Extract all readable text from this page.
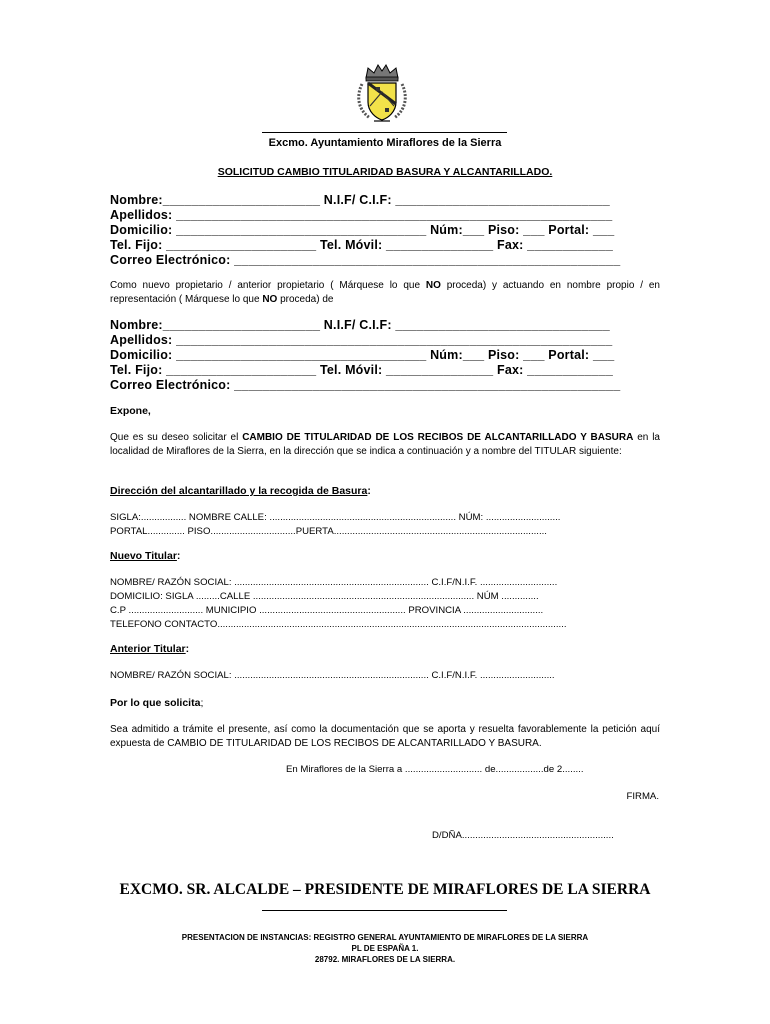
Excmo. Ayuntamiento Miraflores de la Sierra
SOLICITUD CAMBIO TITULARIDAD BASURA Y ALCANTARILLADO.
Nombre:______________________ N.I.F/ C.I.F: ______________________________
Apellidos: _____________________________________________________________
Domicilio: ___________________________________ Núm:___ Piso: ___ Portal: ___
Tel. Fijo: _____________________ Tel. Móvil: _______________ Fax: ____________
Correo Electrónico: ______________________________________________________
Como nuevo propietario / anterior propietario ( Márquese lo que NO proceda) y actuando en nombre propio / en representación ( Márquese lo que NO proceda) de
Nombre:______________________ N.I.F/ C.I.F: ______________________________
Apellidos: _____________________________________________________________
Domicilio: ___________________________________ Núm:___ Piso: ___ Portal: ___
Tel. Fijo: _____________________ Tel. Móvil: _______________ Fax: ____________
Correo Electrónico: ______________________________________________________
Expone,
Que es su deseo solicitar el CAMBIO DE TITULARIDAD DE LOS RECIBOS DE ALCANTARILLADO Y BASURA en la localidad de Miraflores de la Sierra, en la dirección que se indica a continuación y a nombre del TITULAR siguiente:
Dirección del alcantarillado y la recogida de Basura:
SIGLA:................. NOMBRE CALLE: ...................................................................... NÚM: ............................
PORTAL.............. PISO................................PUERTA................................................................................
Nuevo Titular:
NOMBRE/ RAZÓN SOCIAL: ......................................................................... C.I.F/N.I.F. .............................
DOMICILIO: SIGLA .........CALLE ................................................................................... NÚM ..............
C.P ............................ MUNICIPIO ....................................................... PROVINCIA ..............................
TELEFONO CONTACTO...................................................................................................................................
Anterior Titular:
NOMBRE/ RAZÓN SOCIAL: ......................................................................... C.I.F/N.I.F. ............................
Por lo que solicita;
Sea admitido a trámite el presente, así como la documentación que se aporta y resuelta favorablemente la petición aquí expuesta de CAMBIO DE TITULARIDAD DE LOS RECIBOS DE ALCANTARILLADO Y BASURA.
En Miraflores de la Sierra a ............................. de..................de 2........
FIRMA.
D/DÑA.........................................................
EXCMO. SR. ALCALDE – PRESIDENTE DE MIRAFLORES DE LA SIERRA
PRESENTACION DE INSTANCIAS: REGISTRO GENERAL AYUNTAMIENTO DE MIRAFLORES DE LA SIERRA
PL DE ESPAÑA 1.
28792. MIRAFLORES DE LA SIERRA.
